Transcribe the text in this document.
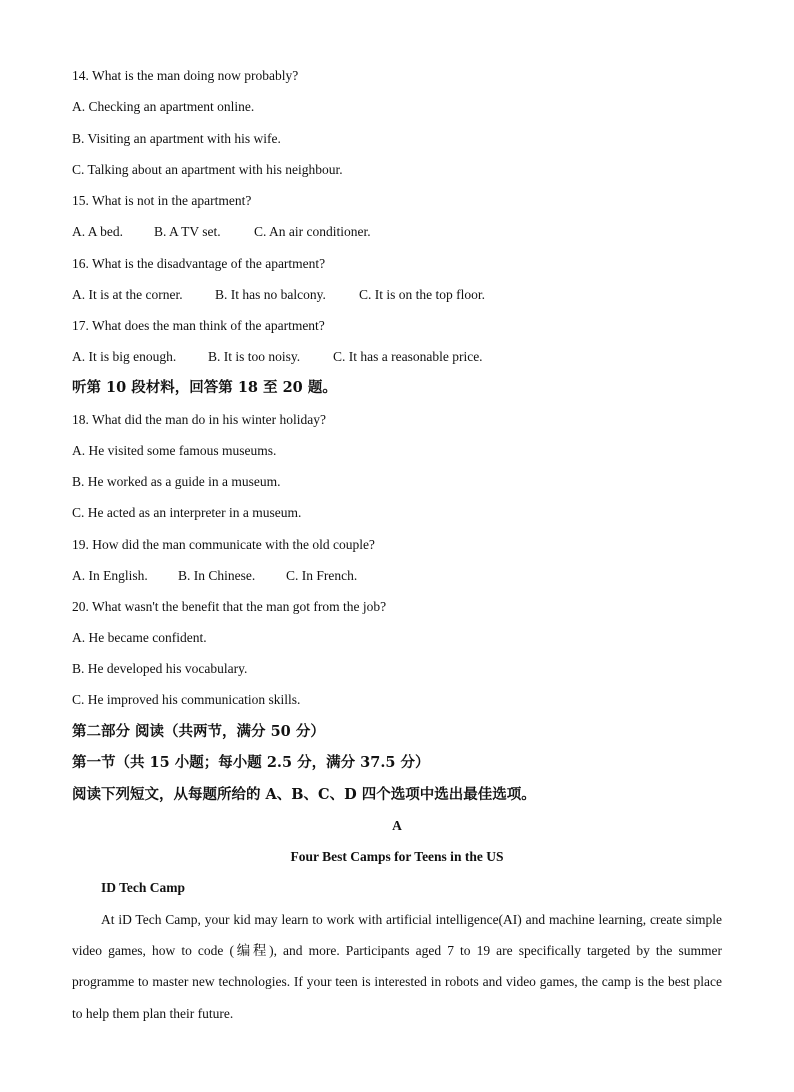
14. What is the man doing now probably?
A. Checking an apartment online.
B. Visiting an apartment with his wife.
C. Talking about an apartment with his neighbour.
15. What is not in the apartment?
A. A bed. B. A TV set. C. An air conditioner.
16. What is the disadvantage of the apartment?
A. It is at the corner. B. It has no balcony. C. It is on the top floor.
17. What does the man think of the apartment?
A. It is big enough. B. It is too noisy. C. It has a reasonable price.
听第 10 段材料，回答第 18 至 20 题。
18. What did the man do in his winter holiday?
A. He visited some famous museums.
B. He worked as a guide in a museum.
C. He acted as an interpreter in a museum.
19. How did the man communicate with the old couple?
A. In English. B. In Chinese. C. In French.
20. What wasn't the benefit that the man got from the job?
A. He became confident.
B. He developed his vocabulary.
C. He improved his communication skills.
第二部分 阅读（共两节，满分 50 分）
第一节（共 15 小题；每小题 2.5 分，满分 37.5 分）
阅读下列短文，从每题所给的 A、B、C、D 四个选项中选出最佳选项。
A
Four Best Camps for Teens in the US
ID Tech Camp

At iD Tech Camp, your kid may learn to work with artificial intelligence(AI) and machine learning, create simple video games, how to code (编程), and more. Participants aged 7 to 19 are specifically targeted by the summer programme to master new technologies. If your teen is interested in robots and video games, the camp is the best place to help them plan their future.
